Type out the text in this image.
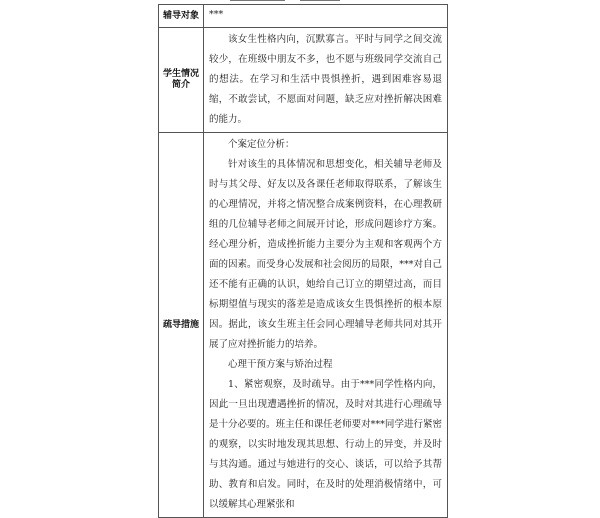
辅导对象	***
学生情况简介	该女生性格内向，沉默寡言。平时与同学之间交流较少，在班级中朋友不多，也不愿与班级同学交流自己的想法。在学习和生活中畏惧挫折，遇到困难容易退缩，不敢尝试，不愿面对问题，缺乏应对挫折解决困难的能力。

疏导措施	个案定位分析：

针对该生的具体情况和思想变化，相关辅导老师及时与其父母、好友以及各课任老师取得联系，了解该生的心理情况，并将之情况整合成案例资料，在心理教研组的几位辅导老师之间展开讨论，形成问题诊疗方案。经心理分析，造成挫折能力主要分为主观和客观两个方面的因素。而受身心发展和社会阅历的局限，***对自己还不能有正确的认识，她给自己订立的期望过高，而目标期望值与现实的落差是造成该女生畏惧挫折的根本原因。据此，该女生班主任会同心理辅导老师共同对其开展了应对挫折能力的培养。

心理干预方案与矫治过程

1、紧密观察，及时疏导。由于***同学性格内向，因此一旦出现遭遇挫折的情况，及时对其进行心理疏导是十分必要的。班主任和课任老师要对***同学进行紧密的观察，以实时地发现其思想、行动上的异变，并及时与其沟通。通过与她进行的交心、谈话，可以给予其帮助、教育和启发。同时，在及时的处理消极情绪中，可以缓解其心理紧张和
